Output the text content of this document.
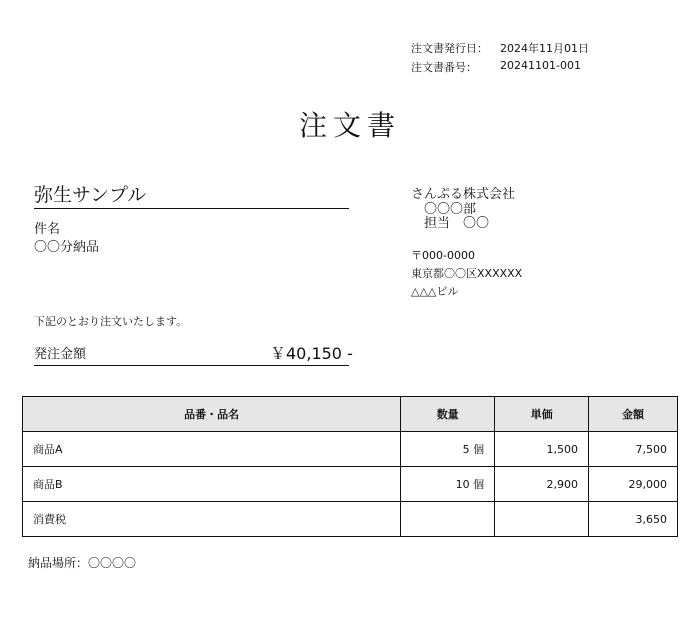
注文書発行日： 2024年11月01日
注文書番号： 20241101-001
注文書
弥生サンプル
件名
〇〇分納品
さんぷる株式会社
〇〇〇部
担当　〇〇
〒000-0000
東京都〇〇区XXXXXX
△△△ビル
下記のとおり注文いたします。
発注金額	￥40,150 -
品番・品名	数量	単価	金額
商品A	5 個	1,500	7,500
商品B	10 個	2,900	29,000
消費税			3,650
納品場所：〇〇〇〇
